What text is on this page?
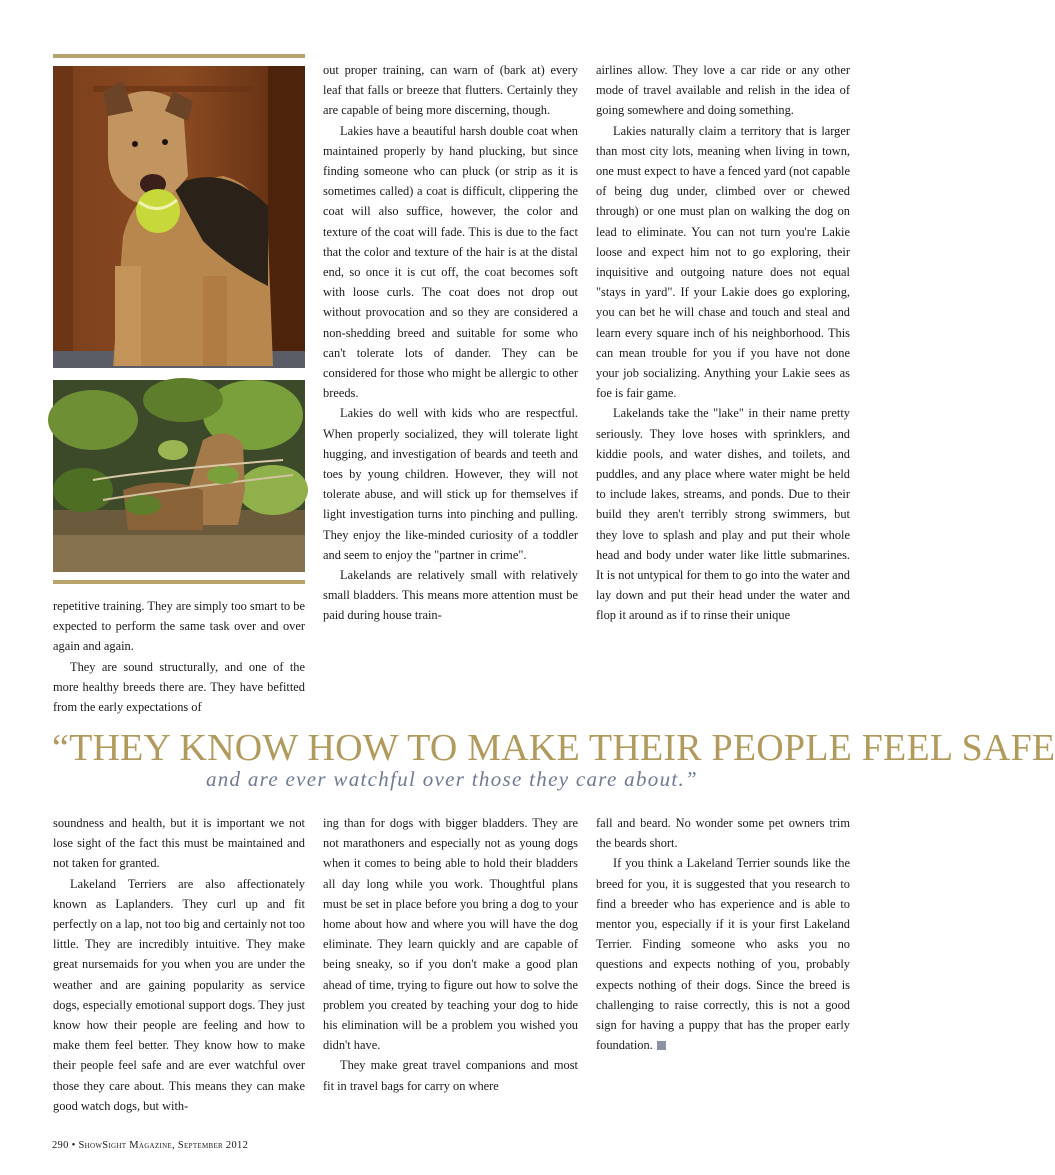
repetitive training. They are simply too smart to be expected to perform the same task over and over again and again.

They are sound structurally, and one of the more healthy breeds there are. They have befitted from the early expectations of

out proper training, can warn of (bark at) every leaf that falls or breeze that flutters. Certainly they are capable of being more discerning, though.

Lakies have a beautiful harsh double coat when maintained properly by hand plucking, but since finding someone who can pluck (or strip as it is sometimes called) a coat is difficult, clippering the coat will also suffice, however, the color and texture of the coat will fade. This is due to the fact that the color and texture of the hair is at the distal end, so once it is cut off, the coat becomes soft with loose curls. The coat does not drop out without provocation and so they are considered a non-shedding breed and suitable for some who can't tolerate lots of dander. They can be considered for those who might be allergic to other breeds.

Lakies do well with kids who are respectful. When properly socialized, they will tolerate light hugging, and investigation of beards and teeth and toes by young children. However, they will not tolerate abuse, and will stick up for themselves if light investigation turns into pinching and pulling. They enjoy the like-minded curiosity of a toddler and seem to enjoy the "partner in crime".

Lakelands are relatively small with relatively small bladders. This means more attention must be paid during house train-

airlines allow. They love a car ride or any other mode of travel available and relish in the idea of going somewhere and doing something.

Lakies naturally claim a territory that is larger than most city lots, meaning when living in town, one must expect to have a fenced yard (not capable of being dug under, climbed over or chewed through) or one must plan on walking the dog on lead to eliminate. You can not turn you're Lakie loose and expect him not to go exploring, their inquisitive and outgoing nature does not equal "stays in yard". If your Lakie does go exploring, you can bet he will chase and touch and steal and learn every square inch of his neighborhood. This can mean trouble for you if you have not done your job socializing. Anything your Lakie sees as foe is fair game.

Lakelands take the "lake" in their name pretty seriously. They love hoses with sprinklers, and kiddie pools, and water dishes, and toilets, and puddles, and any place where water might be held to include lakes, streams, and ponds. Due to their build they aren't terribly strong swimmers, but they love to splash and play and put their whole head and body under water like little submarines. It is not untypical for them to go into the water and lay down and put their head under the water and flop it around as if to rinse their unique

“THEY KNOW HOW TO MAKE THEIR PEOPLE FEEL SAFE
and are ever watchful over those they care about.”

soundness and health, but it is important we not lose sight of the fact this must be maintained and not taken for granted.

Lakeland Terriers are also affectionately known as Laplanders. They curl up and fit perfectly on a lap, not too big and certainly not too little. They are incredibly intuitive. They make great nursemaids for you when you are under the weather and are gaining popularity as service dogs, especially emotional support dogs. They just know how their people are feeling and how to make them feel better. They know how to make their people feel safe and are ever watchful over those they care about. This means they can make good watch dogs, but with-

ing than for dogs with bigger bladders. They are not marathoners and especially not as young dogs when it comes to being able to hold their bladders all day long while you work. Thoughtful plans must be set in place before you bring a dog to your home about how and where you will have the dog eliminate. They learn quickly and are capable of being sneaky, so if you don't make a good plan ahead of time, trying to figure out how to solve the problem you created by teaching your dog to hide his elimination will be a problem you wished you didn't have.

They make great travel companions and most fit in travel bags for carry on where

fall and beard. No wonder some pet owners trim the beards short.

If you think a Lakeland Terrier sounds like the breed for you, it is suggested that you research to find a breeder who has experience and is able to mentor you, especially if it is your first Lakeland Terrier. Finding someone who asks you no questions and expects nothing of you, probably expects nothing of their dogs. Since the breed is challenging to raise correctly, this is not a good sign for having a puppy that has the proper early foundation.

290 • ShowSight Magazine, September 2012
